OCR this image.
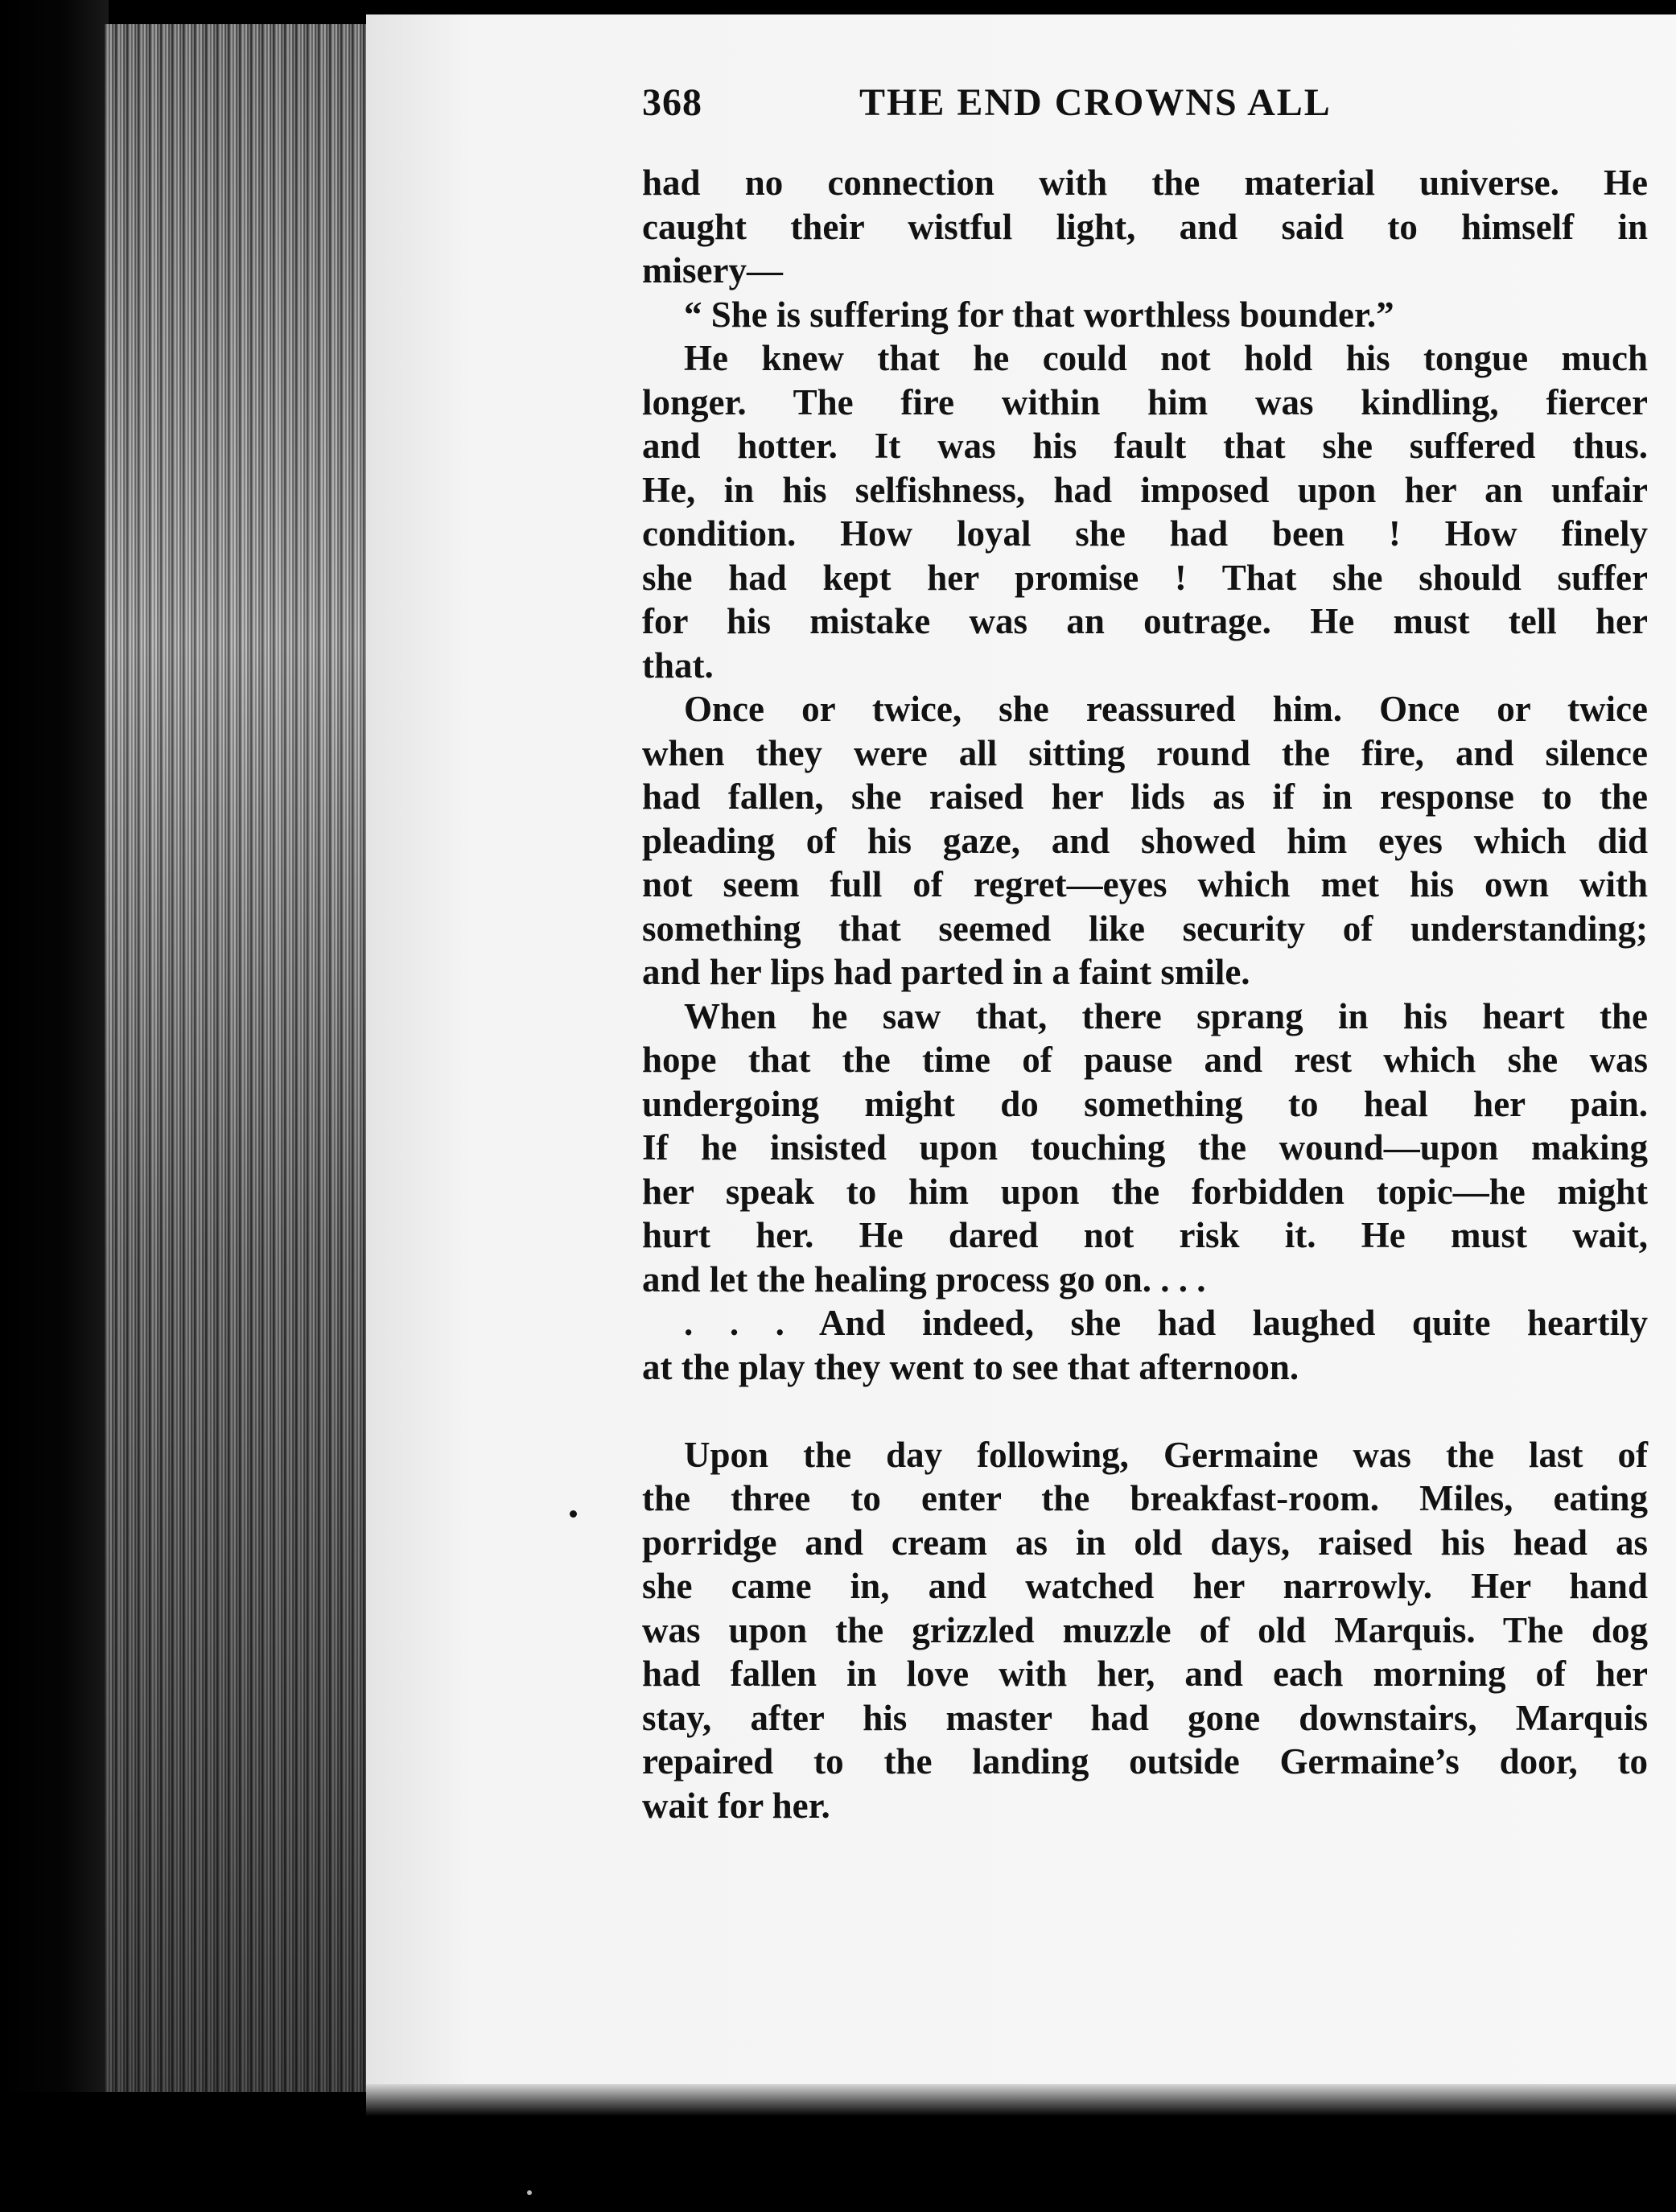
368	THE END CROWNS ALL
had no connection with the material universe. He
caught their wistful light, and said to himself in
misery—
“ She is suffering for that worthless bounder.”
He knew that he could not hold his tongue much
longer. The fire within him was kindling, fiercer
and hotter. It was his fault that she suffered thus.
He, in his selfishness, had imposed upon her an unfair
condition. How loyal she had been ! How finely
she had kept her promise ! That she should suffer
for his mistake was an outrage. He must tell her
that.
Once or twice, she reassured him. Once or twice
when they were all sitting round the fire, and silence
had fallen, she raised her lids as if in response to the
pleading of his gaze, and showed him eyes which did
not seem full of regret—eyes which met his own with
something that seemed like security of understanding;
and her lips had parted in a faint smile.
When he saw that, there sprang in his heart the
hope that the time of pause and rest which she was
undergoing might do something to heal her pain.
If he insisted upon touching the wound—upon making
her speak to him upon the forbidden topic—he might
hurt her. He dared not risk it. He must wait,
and let the healing process go on. . . .
. . . And indeed, she had laughed quite heartily
at the play they went to see that afternoon.
Upon the day following, Germaine was the last of
the three to enter the breakfast-room. Miles, eating
porridge and cream as in old days, raised his head as
she came in, and watched her narrowly. Her hand
was upon the grizzled muzzle of old Marquis. The dog
had fallen in love with her, and each morning of her
stay, after his master had gone downstairs, Marquis
repaired to the landing outside Germaine’s door, to
wait for her.
